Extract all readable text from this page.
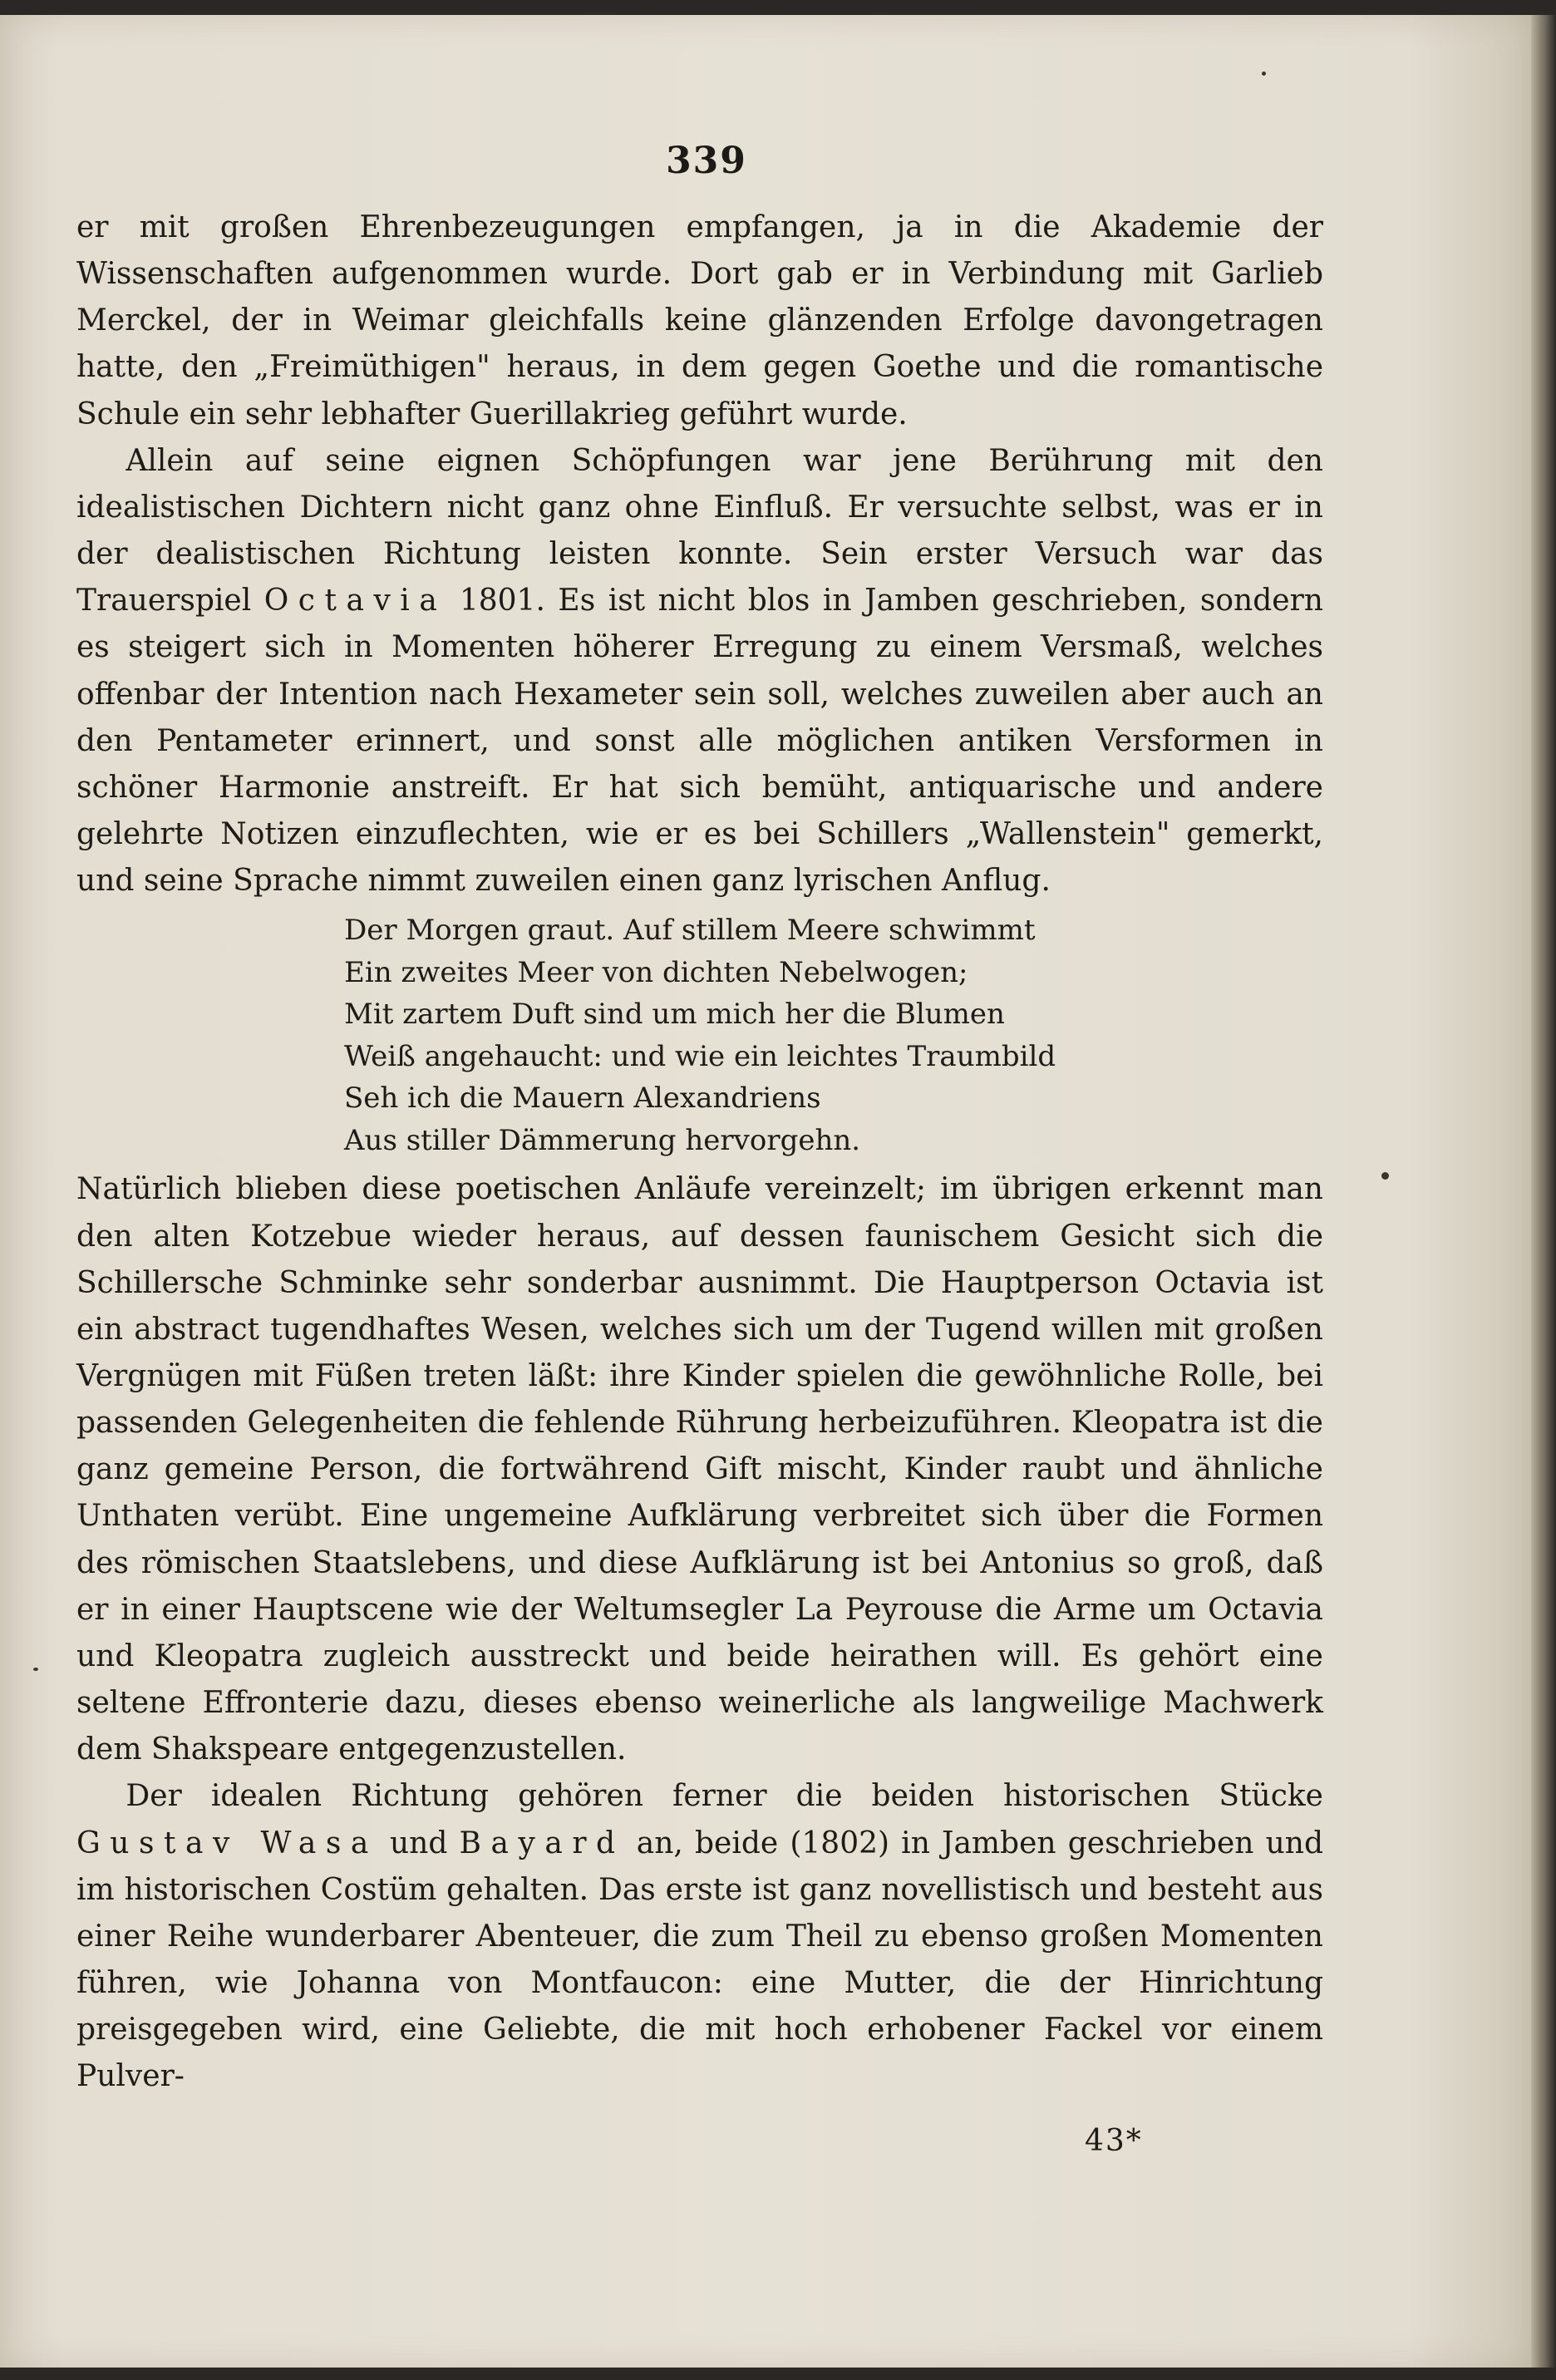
339

er mit großen Ehrenbezeugungen empfangen, ja in die Akademie der Wissenschaften aufgenommen wurde. Dort gab er in Verbindung mit Garlieb Merckel, der in Weimar gleichfalls keine glänzenden Erfolge davongetragen hatte, den „Freimüthigen" heraus, in dem gegen Goethe und die romantische Schule ein sehr lebhafter Guerillakrieg geführt wurde.

Allein auf seine eignen Schöpfungen war jene Berührung mit den idealistischen Dichtern nicht ganz ohne Einfluß. Er versuchte selbst, was er in der dealistischen Richtung leisten konnte. Sein erster Versuch war das Trauerspiel Octavia 1801. Es ist nicht blos in Jamben geschrieben, sondern es steigert sich in Momenten höherer Erregung zu einem Versmaß, welches offenbar der Intention nach Hexameter sein soll, welches zuweilen aber auch an den Pentameter erinnert, und sonst alle möglichen antiken Versformen in schöner Harmonie anstreift. Er hat sich bemüht, antiquarische und andere gelehrte Notizen einzuflechten, wie er es bei Schillers „Wallenstein" gemerkt, und seine Sprache nimmt zuweilen einen ganz lyrischen Anflug.

Der Morgen graut. Auf stillem Meere schwimmt
Ein zweites Meer von dichten Nebelwogen;
Mit zartem Duft sind um mich her die Blumen
Weiß angehaucht: und wie ein leichtes Traumbild
Seh ich die Mauern Alexandriens
Aus stiller Dämmerung hervorgehn.

Natürlich blieben diese poetischen Anläufe vereinzelt; im übrigen erkennt man den alten Kotzebue wieder heraus, auf dessen faunischem Gesicht sich die Schillersche Schminke sehr sonderbar ausnimmt. Die Hauptperson Octavia ist ein abstract tugendhaftes Wesen, welches sich um der Tugend willen mit großen Vergnügen mit Füßen treten läßt: ihre Kinder spielen die gewöhnliche Rolle, bei passenden Gelegenheiten die fehlende Rührung herbeizuführen. Kleopatra ist die ganz gemeine Person, die fortwährend Gift mischt, Kinder raubt und ähnliche Unthaten verübt. Eine ungemeine Aufklärung verbreitet sich über die Formen des römischen Staatslebens, und diese Aufklärung ist bei Antonius so groß, daß er in einer Hauptscene wie der Weltumsegler La Peyrouse die Arme um Octavia und Kleopatra zugleich ausstreckt und beide heirathen will. Es gehört eine seltene Effronterie dazu, dieses ebenso weinerliche als langweilige Machwerk dem Shakspeare entgegenzustellen.

Der idealen Richtung gehören ferner die beiden historischen Stücke Gustav Wasa und Bayard an, beide (1802) in Jamben geschrieben und im historischen Costüm gehalten. Das erste ist ganz novellistisch und besteht aus einer Reihe wunderbarer Abenteuer, die zum Theil zu ebenso großen Momenten führen, wie Johanna von Montfaucon: eine Mutter, die der Hinrichtung preisgegeben wird, eine Geliebte, die mit hoch erhobener Fackel vor einem Pulver-

43*
